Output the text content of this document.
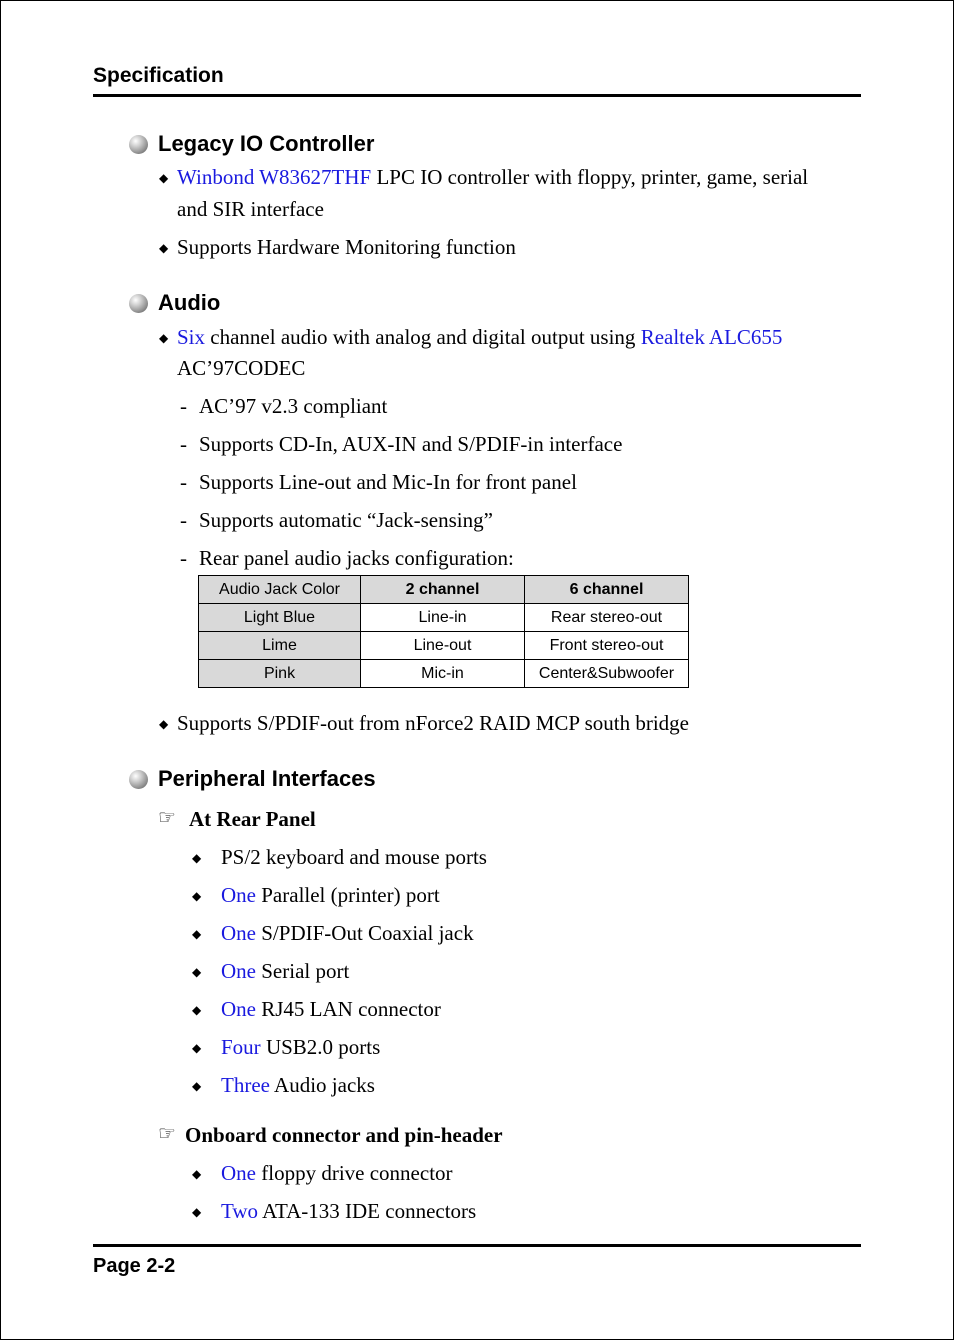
Specification
Legacy IO Controller
◆ Winbond W83627THF LPC IO controller with floppy, printer, game, serial
and SIR interface
◆ Supports Hardware Monitoring function
Audio
◆ Six channel audio with analog and digital output using Realtek ALC655
AC’97CODEC
- AC’97 v2.3 compliant
- Supports CD-In, AUX-IN and S/PDIF-in interface
- Supports Line-out and Mic-In for front panel
- Supports automatic “Jack-sensing”
- Rear panel audio jacks configuration:
Audio Jack Color	2 channel	6 channel
Light Blue	Line-in	Rear stereo-out
Lime	Line-out	Front stereo-out
Pink	Mic-in	Center&Subwoofer
◆ Supports S/PDIF-out from nForce2 RAID MCP south bridge
Peripheral Interfaces
☞ At Rear Panel
◆ PS/2 keyboard and mouse ports
◆ One Parallel (printer) port
◆ One S/PDIF-Out Coaxial jack
◆ One Serial port
◆ One RJ45 LAN connector
◆ Four USB2.0 ports
◆ Three Audio jacks
☞ Onboard connector and pin-header
◆ One floppy drive connector
◆ Two ATA-133 IDE connectors
Page 2-2
